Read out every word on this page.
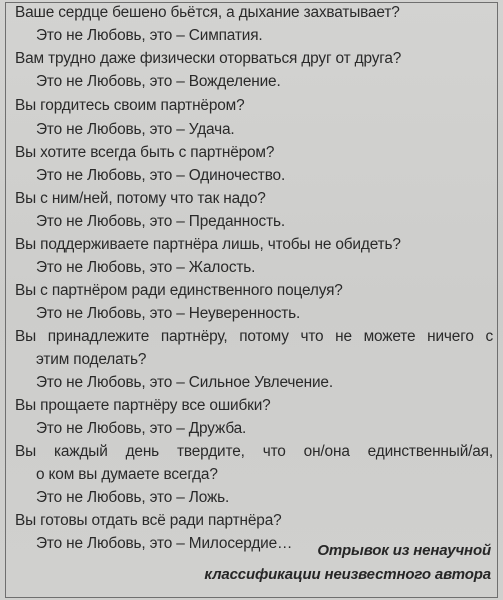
Ваше сердце бешено бьётся, а дыхание захватывает?
Это не Любовь, это – Симпатия.
Вам трудно даже физически оторваться друг от друга?
Это не Любовь, это – Вожделение.
Вы гордитесь своим партнёром?
Это не Любовь, это – Удача.
Вы хотите всегда быть с партнёром?
Это не Любовь, это – Одиночество.
Вы с ним/ней, потому что так надо?
Это не Любовь, это – Преданность.
Вы поддерживаете партнёра лишь, чтобы не обидеть?
Это не Любовь, это – Жалость.
Вы с партнёром ради единственного поцелуя?
Это не Любовь, это – Неуверенность.
Вы принадлежите партнёру, потому что не можете ничего с
этим поделать?
Это не Любовь, это – Сильное Увлечение.
Вы прощаете партнёру все ошибки?
Это не Любовь, это – Дружба.
Вы каждый день твердите, что он/она единственный/ая,
о ком вы думаете всегда?
Это не Любовь, это – Ложь.
Вы готовы отдать всё ради партнёра?
Это не Любовь, это – Милосердие… Отрывок из ненаучной
классификации неизвестного автора
